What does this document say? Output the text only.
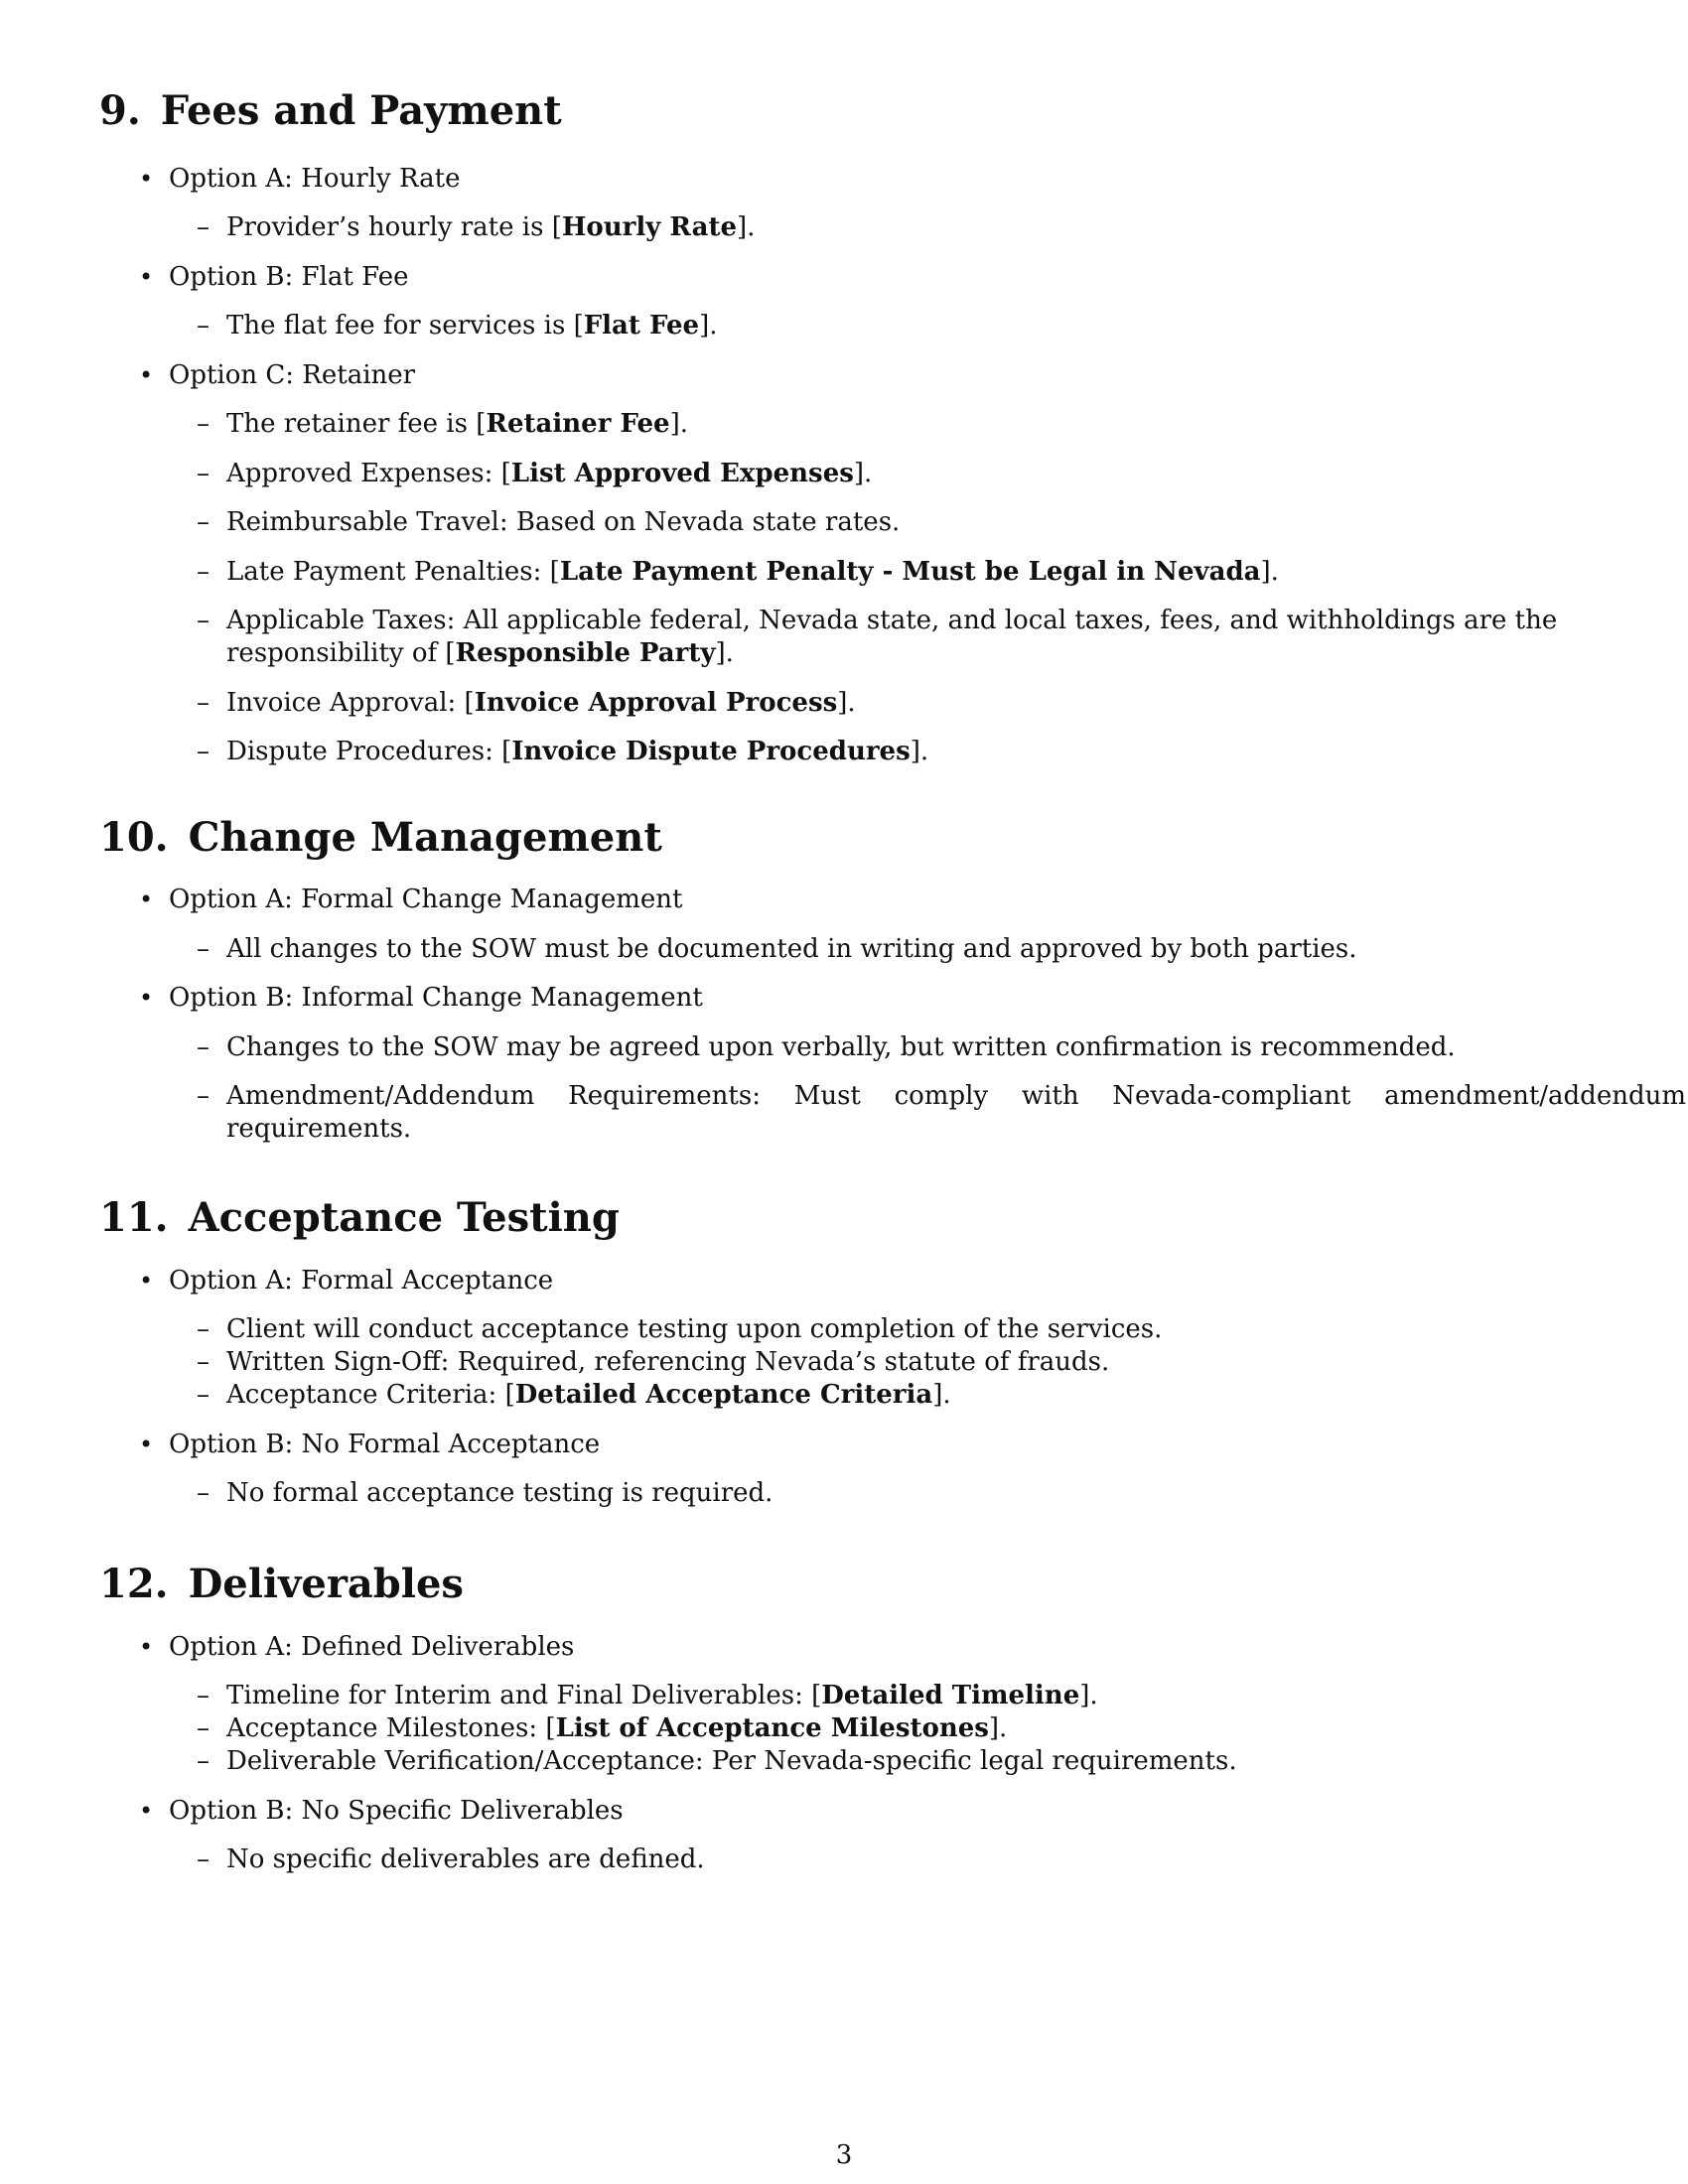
9. Fees and Payment
• Option A: Hourly Rate
– Provider’s hourly rate is [Hourly Rate].
• Option B: Flat Fee
– The flat fee for services is [Flat Fee].
• Option C: Retainer
– The retainer fee is [Retainer Fee].
– Approved Expenses: [List Approved Expenses].
– Reimbursable Travel: Based on Nevada state rates.
– Late Payment Penalties: [Late Payment Penalty - Must be Legal in Nevada].
– Applicable Taxes: All applicable federal, Nevada state, and local taxes, fees, and withholdings are the responsibility of [Responsible Party].
– Invoice Approval: [Invoice Approval Process].
– Dispute Procedures: [Invoice Dispute Procedures].
10. Change Management
• Option A: Formal Change Management
– All changes to the SOW must be documented in writing and approved by both parties.
• Option B: Informal Change Management
– Changes to the SOW may be agreed upon verbally, but written confirmation is recommended.
– Amendment/Addendum Requirements: Must comply with Nevada-compliant amendment/addendum requirements.
11. Acceptance Testing
• Option A: Formal Acceptance
– Client will conduct acceptance testing upon completion of the services.
– Written Sign-Off: Required, referencing Nevada’s statute of frauds.
– Acceptance Criteria: [Detailed Acceptance Criteria].
• Option B: No Formal Acceptance
– No formal acceptance testing is required.
12. Deliverables
• Option A: Defined Deliverables
– Timeline for Interim and Final Deliverables: [Detailed Timeline].
– Acceptance Milestones: [List of Acceptance Milestones].
– Deliverable Verification/Acceptance: Per Nevada-specific legal requirements.
• Option B: No Specific Deliverables
– No specific deliverables are defined.
3
